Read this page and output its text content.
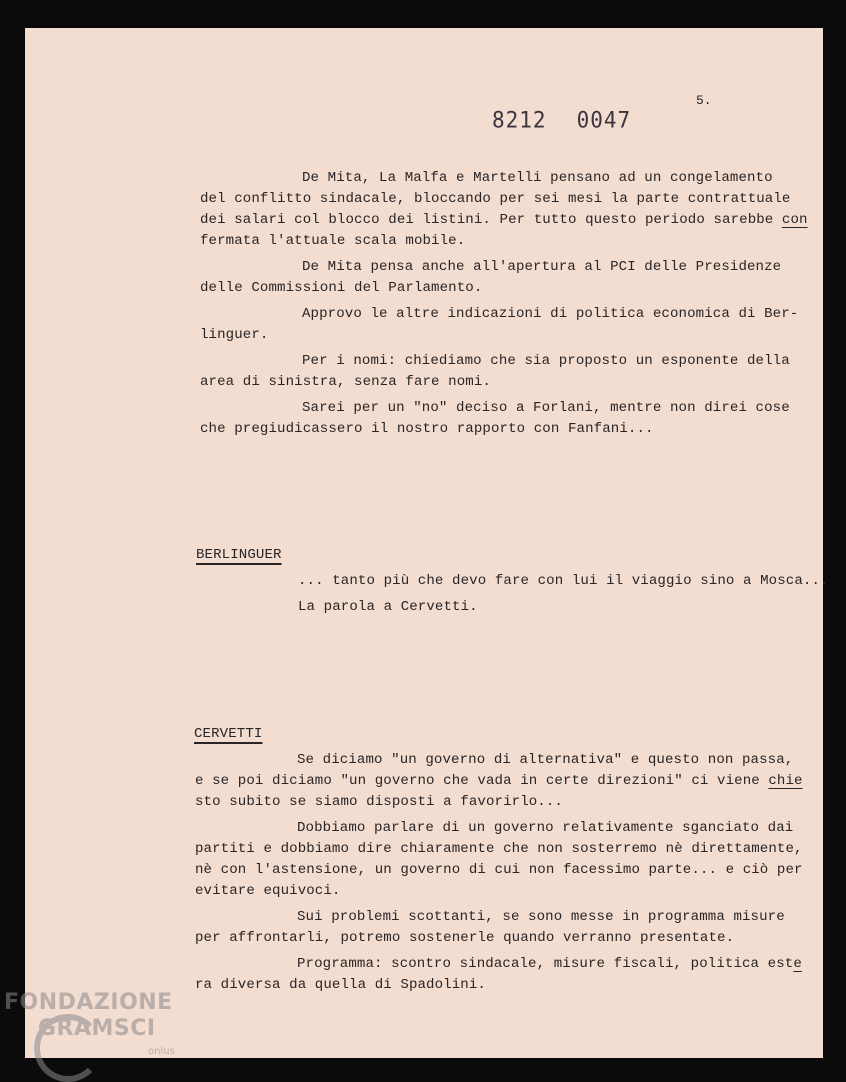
5.
8212 0047
De Mita, La Malfa e Martelli pensano ad un congelamento
del conflitto sindacale, bloccando per sei mesi la parte contrattuale
dei salari col blocco dei listini. Per tutto questo periodo sarebbe con
fermata l'attuale scala mobile.
De Mita pensa anche all'apertura al PCI delle Presidenze
delle Commissioni del Parlamento.
Approvo le altre indicazioni di politica economica di Ber-
linguer.
Per i nomi: chiediamo che sia proposto un esponente della
area di sinistra, senza fare nomi.
Sarei per un "no" deciso a Forlani, mentre non direi cose
che pregiudicassero il nostro rapporto con Fanfani...
BERLINGUER
... tanto più che devo fare con lui il viaggio sino a Mosca...
La parola a Cervetti.
CERVETTI
Se diciamo "un governo di alternativa" e questo non passa,
e se poi diciamo "un governo che vada in certe direzioni" ci viene chie
sto subito se siamo disposti a favorirlo...
Dobbiamo parlare di un governo relativamente sganciato dai
partiti e dobbiamo dire chiaramente che non sosterremo nè direttamente,
nè con l'astensione, un governo di cui non facessimo parte... e ciò per
evitare equivoci.
Sui problemi scottanti, se sono messe in programma misure
per affrontarli, potremo sostenerle quando verranno presentate.
Programma: scontro sindacale, misure fiscali, politica este
ra diversa da quella di Spadolini.
FONDAZIONE
GRAMSCI
onlus
